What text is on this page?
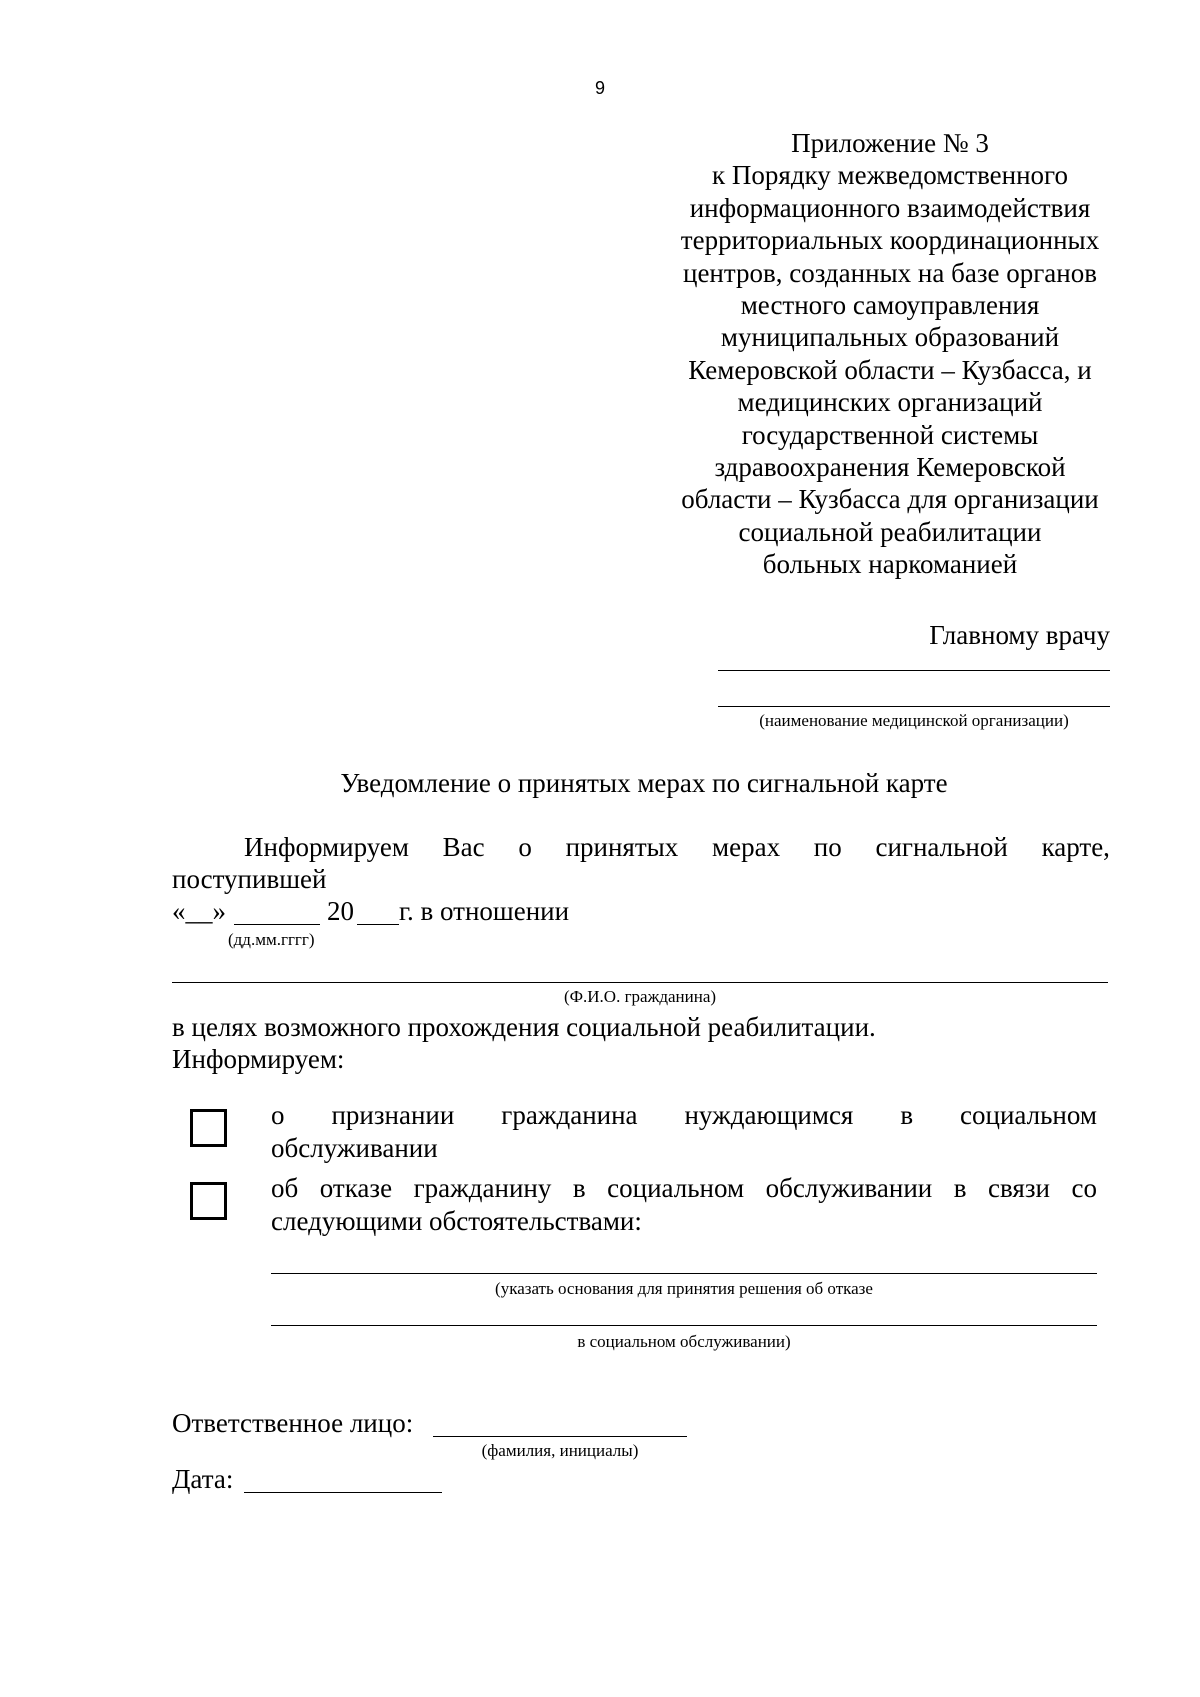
9
Приложение № 3
к Порядку межведомственного
информационного взаимодействия
территориальных координационных
центров, созданных на базе органов
местного самоуправления
муниципальных образований
Кемеровской области – Кузбасса, и
медицинских организаций
государственной системы
здравоохранения Кемеровской
области – Кузбасса для организации
социальной реабилитации
больных наркоманией
Главному врачу
(наименование медицинской организации)
Уведомление о принятых мерах по сигнальной карте
Информируем Вас о принятых мерах по сигнальной карте,
поступившей
«__»	20 г. в отношении
(дд.мм.гггг)
(Ф.И.О. гражданина)
в целях возможного прохождения социальной реабилитации.
Информируем:
о признании гражданина нуждающимся в социальном
обслуживании
об отказе гражданину в социальном обслуживании в связи со
следующими обстоятельствами:
(указать основания для принятия решения об отказе
в социальном обслуживании)
Ответственное лицо:
(фамилия, инициалы)
Дата:
